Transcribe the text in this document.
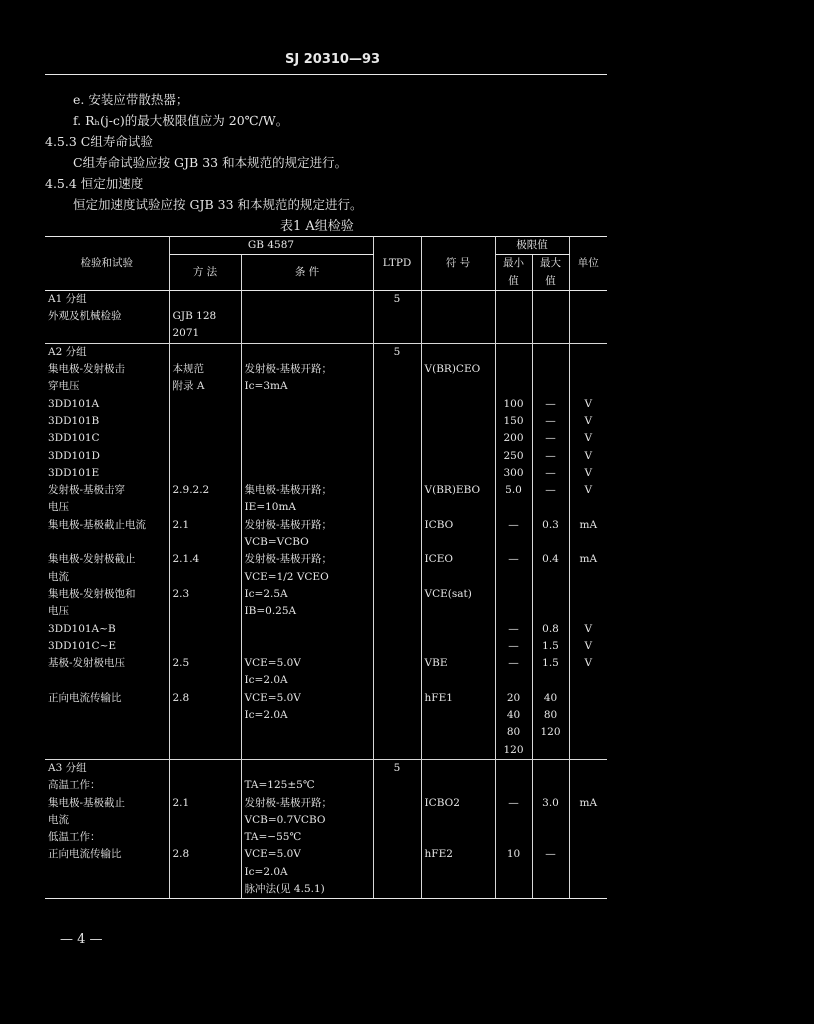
SJ 20310—93
e. 安装应带散热器；
f. Rₕ(j-c)的最大极限值应为 20℃/W。
4.5.3 C组寿命试验
C组寿命试验应按 GJB 33 和本规范的规定进行。
4.5.4 恒定加速度
恒定加速度试验应按 GJB 33 和本规范的规定进行。
表1 A组检验
检验和试验	GB 4587		LTPD	符 号	极限值		单位
	方 法	条 件			最小值	最大值	
A1 分组			5				
外观及机械检验	GJB 128						
	2071						
A2 分组			5				
集电极-发射极击	本规范	发射极-基极开路；		V(BR)CEO			
穿电压	附录 A	Ic=3mA					
3DD101A					100	—	V
3DD101B					150	—	V
3DD101C					200	—	V
3DD101D					250	—	V
3DD101E					300	—	V
发射极-基极击穿	2.9.2.2	集电极-基极开路；		V(BR)EBO	5.0	—	V
电压		IE=10mA					
集电极-基极截止电流	2.1	发射极-基极开路；		ICBO	—	0.3	mA
		VCB=VCBO					
集电极-发射极截止	2.1.4	发射极-基极开路；		ICEO	—	0.4	mA
电流		VCE=1/2 VCEO					
集电极-发射极饱和	2.3	Ic=2.5A		VCE(sat)			
电压		IB=0.25A					
3DD101A~B					—	0.8	V
3DD101C~E					—	1.5	V
基极-发射极电压	2.5	VCE=5.0V		VBE	—	1.5	V
		Ic=2.0A					
正向电流传输比	2.8	VCE=5.0V		hFE1	20	40	
		Ic=2.0A			40	80	
					80	120	
					120		
A3 分组			5				
高温工作：		TA=125±5℃					
集电极-基极截止	2.1	发射极-基极开路；		ICBO2	—	3.0	mA
电流		VCB=0.7VCBO					
低温工作：		TA=−55℃					
正向电流传输比	2.8	VCE=5.0V		hFE2	10	—	
		Ic=2.0A					
		脉冲法(见 4.5.1)					
— 4 —
